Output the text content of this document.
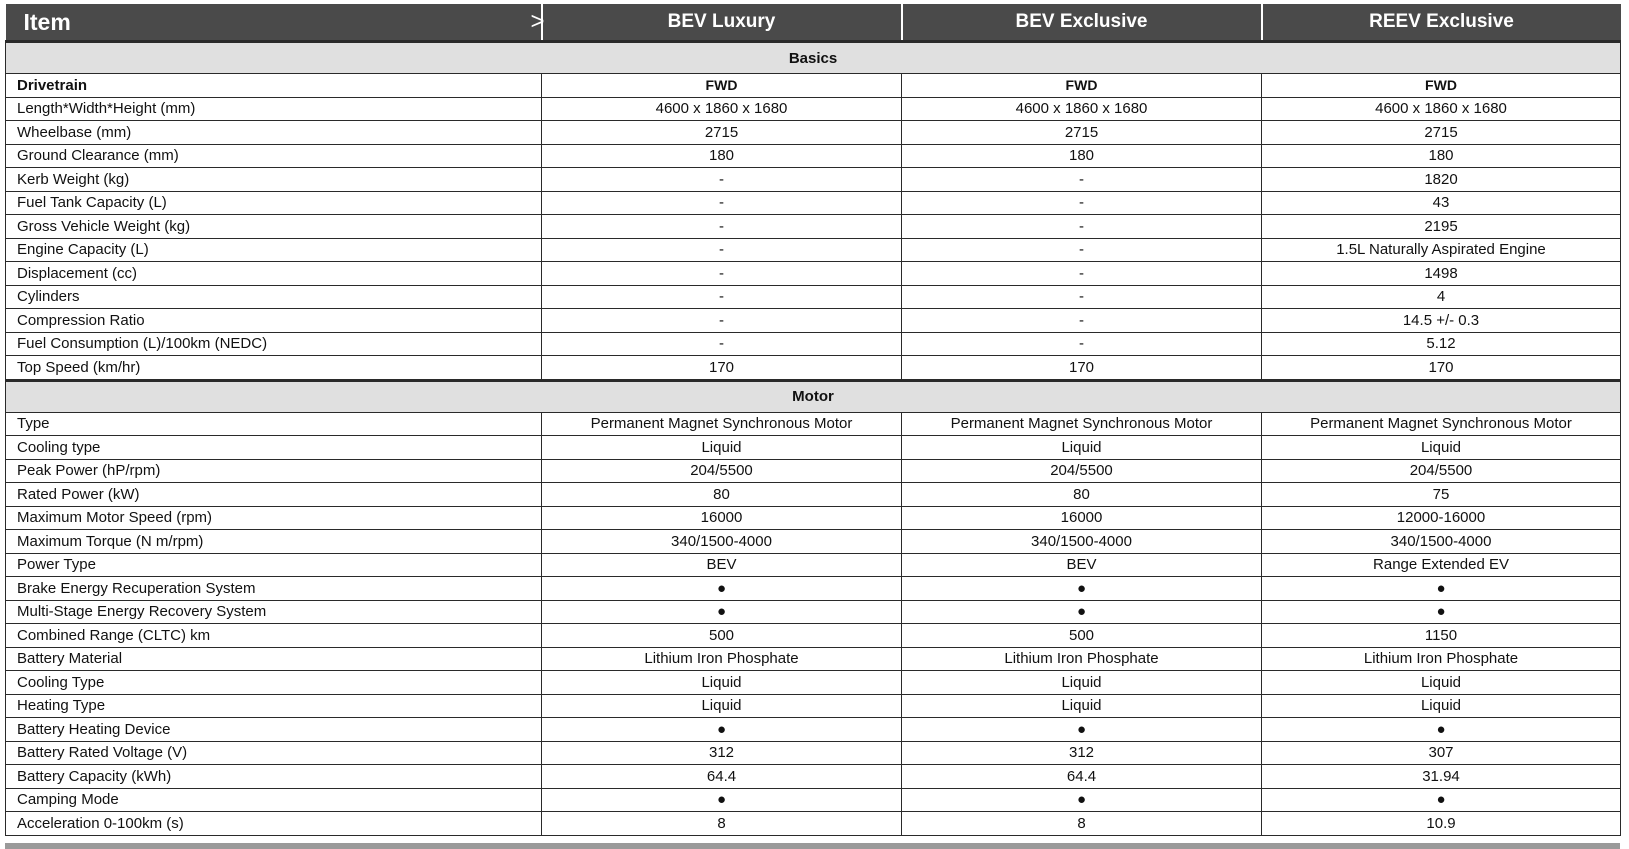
Item >	BEV Luxury	BEV Exclusive	REEV Exclusive
Basics			
Drivetrain	FWD	FWD	FWD
Length*Width*Height (mm)	4600 x 1860 x 1680	4600 x 1860 x 1680	4600 x 1860 x 1680
Wheelbase (mm)	2715	2715	2715
Ground Clearance (mm)	180	180	180
Kerb Weight (kg)	-	-	1820
Fuel Tank Capacity (L)	-	-	43
Gross Vehicle Weight (kg)	-	-	2195
Engine Capacity (L)	-	-	1.5L Naturally Aspirated Engine
Displacement (cc)	-	-	1498
Cylinders	-	-	4
Compression Ratio	-	-	14.5 +/- 0.3
Fuel Consumption (L)/100km (NEDC)	-	-	5.12
Top Speed (km/hr)	170	170	170
Motor			
Type	Permanent Magnet Synchronous Motor	Permanent Magnet Synchronous Motor	Permanent Magnet Synchronous Motor
Cooling type	Liquid	Liquid	Liquid
Peak Power (hP/rpm)	204/5500	204/5500	204/5500
Rated Power (kW)	80	80	75
Maximum Motor Speed (rpm)	16000	16000	12000-16000
Maximum Torque (N m/rpm)	340/1500-4000	340/1500-4000	340/1500-4000
Power Type	BEV	BEV	Range Extended EV
Brake Energy Recuperation System	●	●	●
Multi-Stage Energy Recovery System	●	●	●
Combined Range (CLTC) km	500	500	1150
Battery Material	Lithium Iron Phosphate	Lithium Iron Phosphate	Lithium Iron Phosphate
Cooling Type	Liquid	Liquid	Liquid
Heating Type	Liquid	Liquid	Liquid
Battery Heating Device	●	●	●
Battery Rated Voltage (V)	312	312	307
Battery Capacity (kWh)	64.4	64.4	31.94
Camping Mode	●	●	●
Acceleration 0-100km (s)	8	8	10.9
